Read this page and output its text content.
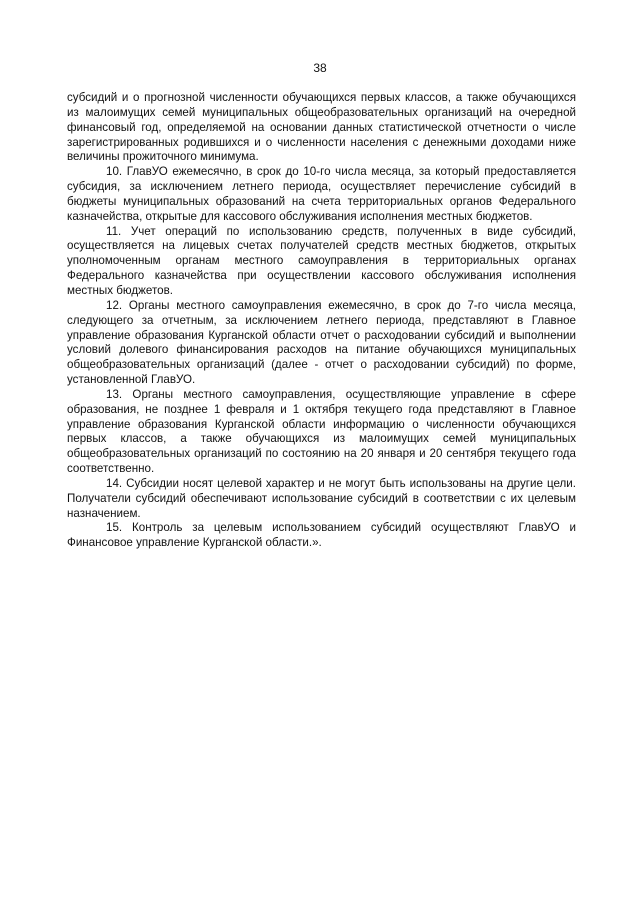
38

субсидий и о прогнозной численности обучающихся первых классов, а также обучающихся из малоимущих семей муниципальных общеобразовательных организаций на очередной финансовый год, определяемой на основании данных статистической отчетности о числе зарегистрированных родившихся и о численности населения с денежными доходами ниже величины прожиточного минимума.

10. ГлавУО ежемесячно, в срок до 10-го числа месяца, за который предоставляется субсидия, за исключением летнего периода, осуществляет перечисление субсидий в бюджеты муниципальных образований на счета территориальных органов Федерального казначейства, открытые для кассового обслуживания исполнения местных бюджетов.

11. Учет операций по использованию средств, полученных в виде субсидий, осуществляется на лицевых счетах получателей средств местных бюджетов, открытых уполномоченным органам местного самоуправления в территориальных органах Федерального казначейства при осуществлении кассового обслуживания исполнения местных бюджетов.

12. Органы местного самоуправления ежемесячно, в срок до 7-го числа месяца, следующего за отчетным, за исключением летнего периода, представляют в Главное управление образования Курганской области отчет о расходовании субсидий и выполнении условий долевого финансирования расходов на питание обучающихся муниципальных общеобразовательных организаций (далее - отчет о расходовании субсидий) по форме, установленной ГлавУО.

13. Органы местного самоуправления, осуществляющие управление в сфере образования, не позднее 1 февраля и 1 октября текущего года представляют в Главное управление образования Курганской области информацию о численности обучающихся первых классов, а также обучающихся из малоимущих семей муниципальных общеобразовательных организаций по состоянию на 20 января и 20 сентября текущего года соответственно.

14. Субсидии носят целевой характер и не могут быть использованы на другие цели. Получатели субсидий обеспечивают использование субсидий в соответствии с их целевым назначением.

15. Контроль за целевым использованием субсидий осуществляют ГлавУО и Финансовое управление Курганской области.».
